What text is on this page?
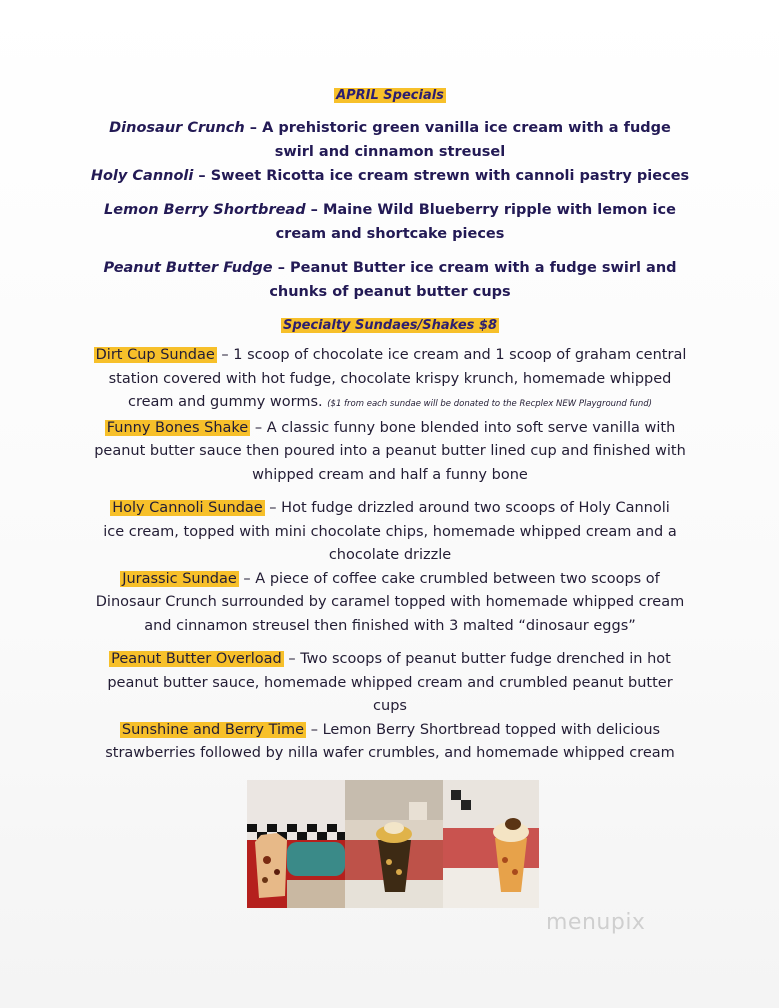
APRIL Specials
Dinosaur Crunch – A prehistoric green vanilla ice cream with a fudge swirl and cinnamon streusel
Holy Cannoli – Sweet Ricotta ice cream strewn with cannoli pastry pieces
Lemon Berry Shortbread – Maine Wild Blueberry ripple with lemon ice cream and shortcake pieces
Peanut Butter Fudge – Peanut Butter ice cream with a fudge swirl and chunks of peanut butter cups
Specialty Sundaes/Shakes $8
Dirt Cup Sundae – 1 scoop of chocolate ice cream and 1 scoop of graham central station covered with hot fudge, chocolate krispy krunch, homemade whipped cream and gummy worms. ($1 from each sundae will be donated to the Recplex NEW Playground fund)
Funny Bones Shake – A classic funny bone blended into soft serve vanilla with peanut butter sauce then poured into a peanut butter lined cup and finished with whipped cream and half a funny bone
Holy Cannoli Sundae – Hot fudge drizzled around two scoops of Holy Cannoli ice cream, topped with mini chocolate chips, homemade whipped cream and a chocolate drizzle
Jurassic Sundae – A piece of coffee cake crumbled between two scoops of Dinosaur Crunch surrounded by caramel topped with homemade whipped cream and cinnamon streusel then finished with 3 malted “dinosaur eggs”
Peanut Butter Overload – Two scoops of peanut butter fudge drenched in hot peanut butter sauce, homemade whipped cream and crumbled peanut butter cups
Sunshine and Berry Time – Lemon Berry Shortbread topped with delicious strawberries followed by nilla wafer crumbles, and homemade whipped cream
menupix
